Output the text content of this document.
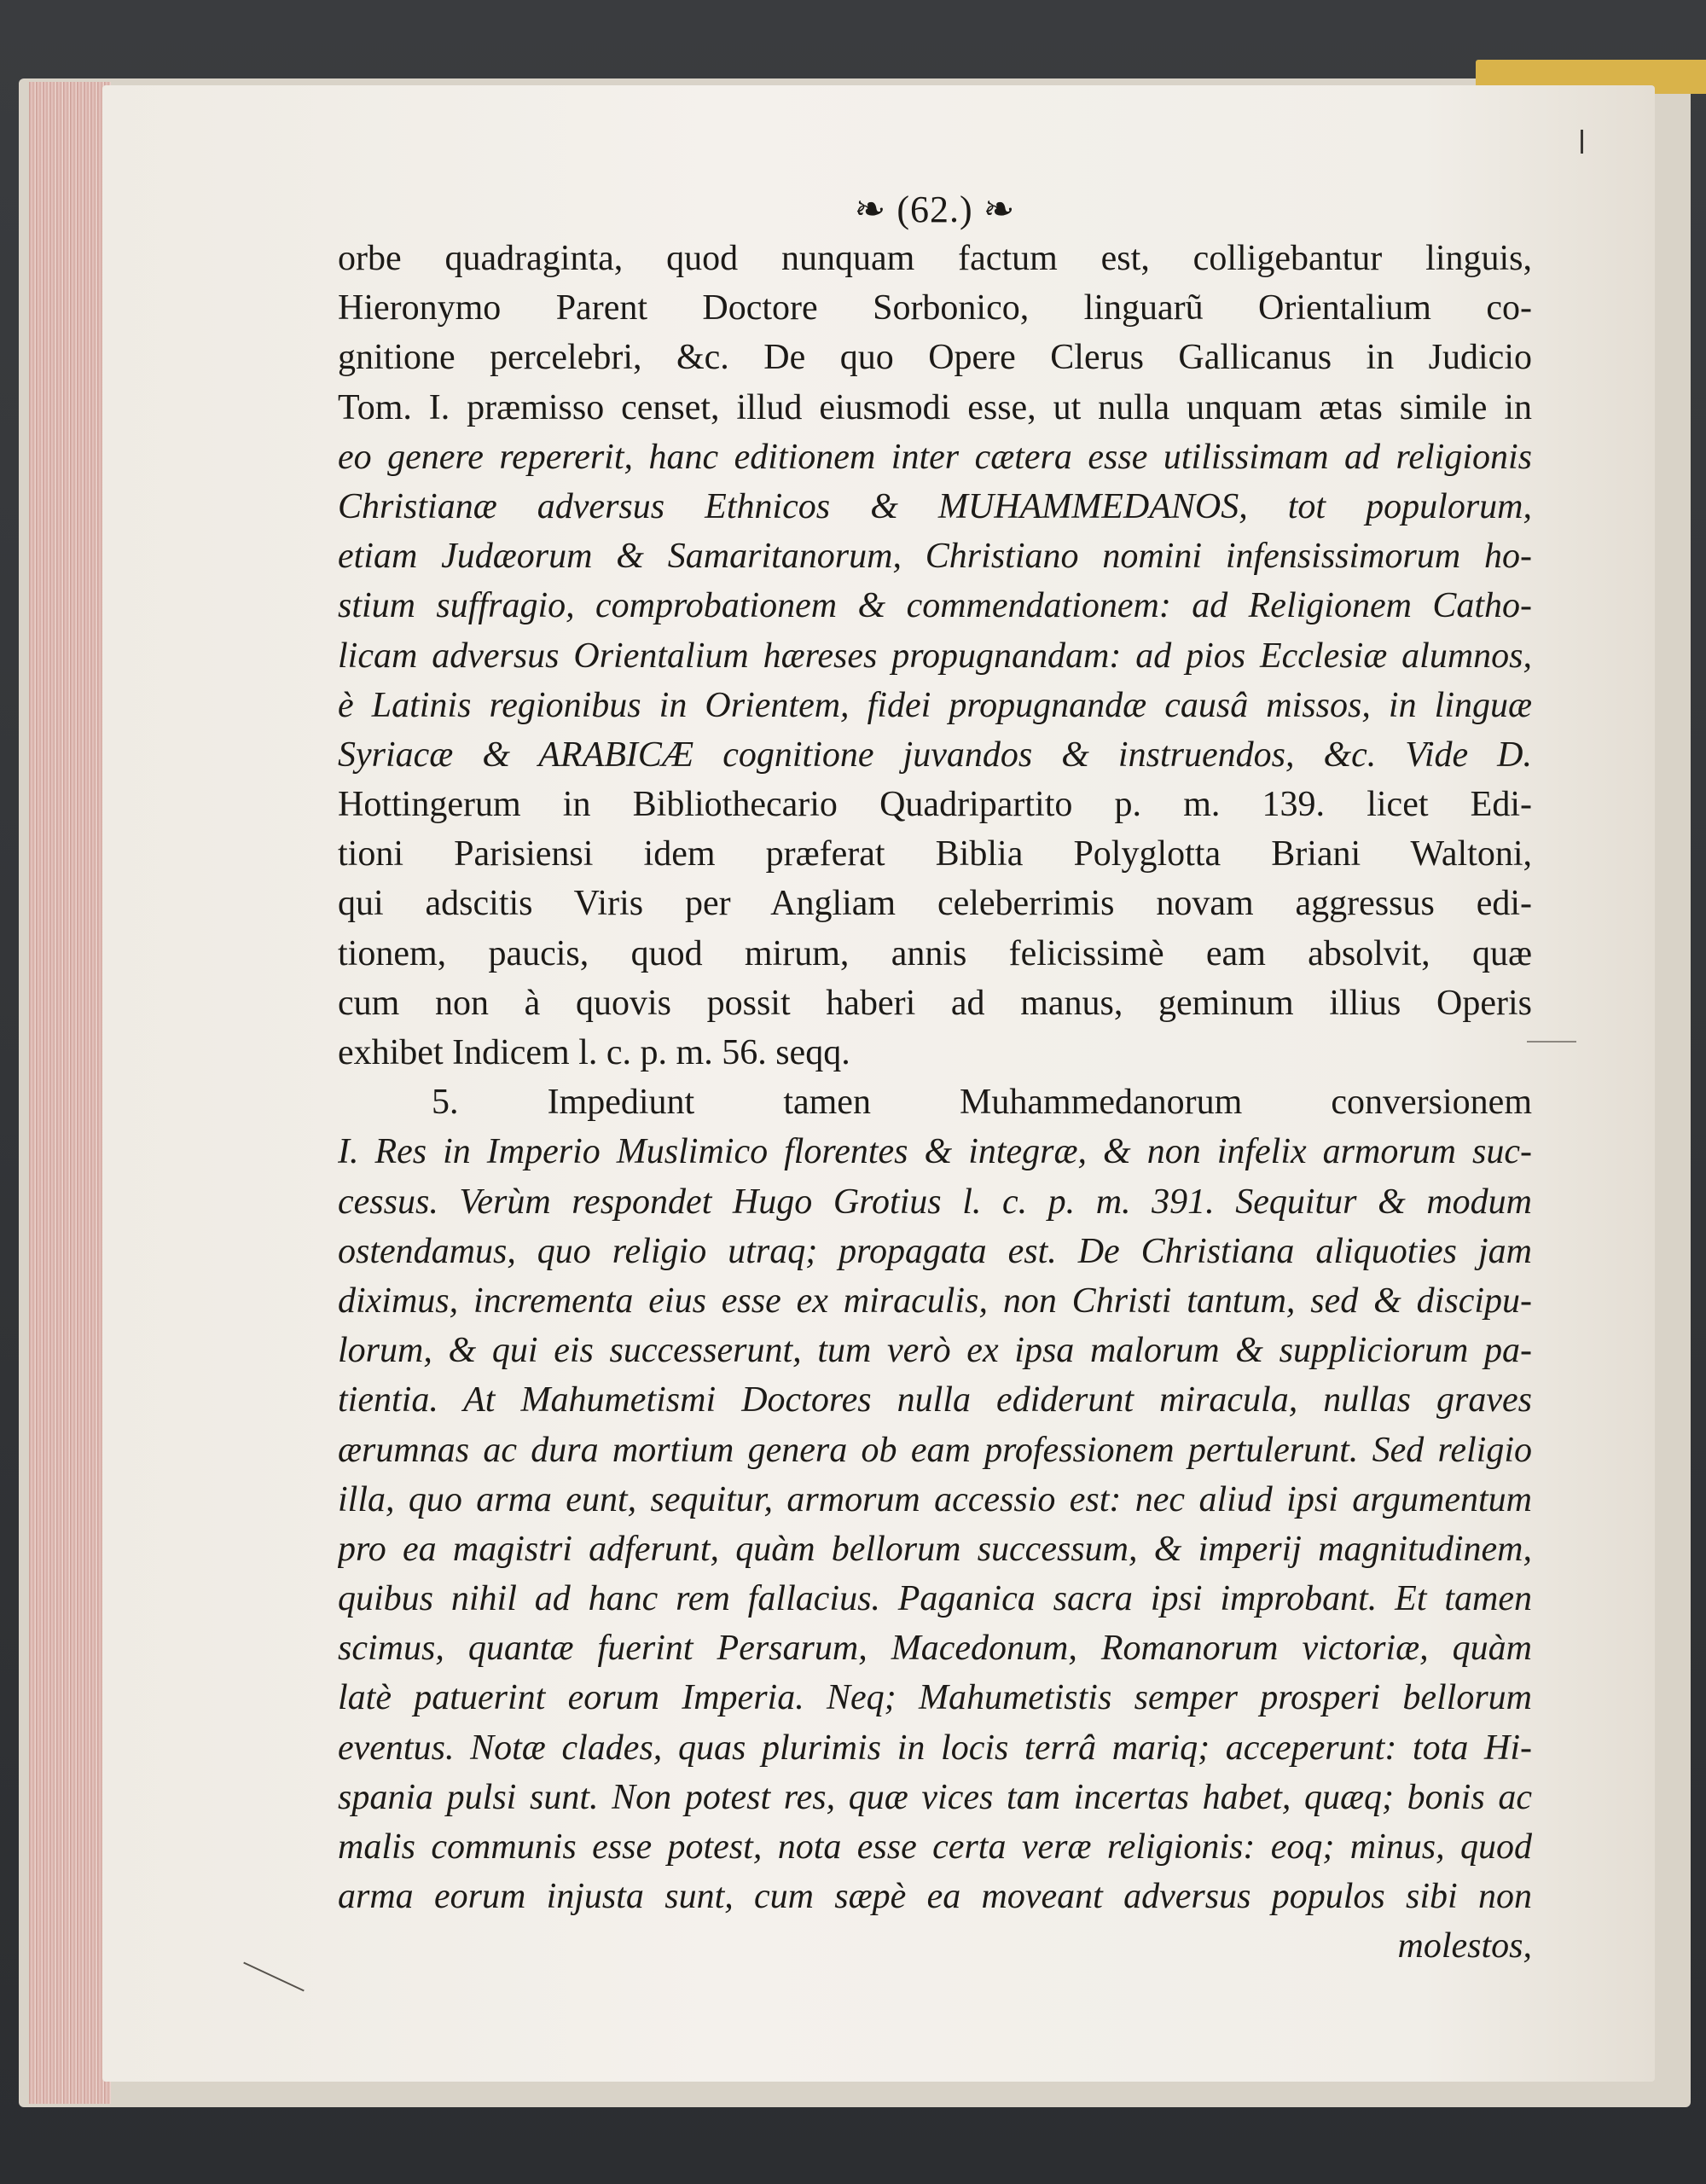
❧ (62.) ❧
orbe quadraginta, quod nunquam factum est, colligebantur linguis,
Hieronymo Parent Doctore Sorbonico, linguarũ Orientalium co-
gnitione percelebri, &c. De quo Opere Clerus Gallicanus in Judicio
Tom. I. præmisso censet, illud eiusmodi esse, ut nulla unquam ætas simile in
eo genere repererit, hanc editionem inter cætera esse utilissimam ad religionis
Christianæ adversus Ethnicos & MUHAMMEDANOS, tot populorum,
etiam Judæorum & Samaritanorum, Christiano nomini infensissimorum ho-
stium suffragio, comprobationem & commendationem: ad Religionem Catho-
licam adversus Orientalium hæreses propugnandam: ad pios Ecclesiæ alumnos,
è Latinis regionibus in Orientem, fidei propugnandæ causâ missos, in linguæ
Syriacæ & ARABICÆ cognitione juvandos & instruendos, &c. Vide D.
Hottingerum in Bibliothecario Quadripartito p. m. 139. licet Edi-
tioni Parisiensi idem præferat Biblia Polyglotta Briani Waltoni,
qui adscitis Viris per Angliam celeberrimis novam aggressus edi-
tionem, paucis, quod mirum, annis felicissimè eam absolvit, quæ
cum non à quovis possit haberi ad manus, geminum illius Operis
exhibet Indicem l. c. p. m. 56. seqq.
5. Impediunt tamen Muhammedanorum conversionem
I. Res in Imperio Muslimico florentes & integræ, & non infelix armorum suc-
cessus. Verùm respondet Hugo Grotius l. c. p. m. 391. Sequitur & modum
ostendamus, quo religio utraq; propagata est. De Christiana aliquoties jam
diximus, incrementa eius esse ex miraculis, non Christi tantum, sed & discipu-
lorum, & qui eis successerunt, tum verò ex ipsa malorum & suppliciorum pa-
tientia. At Mahumetismi Doctores nulla ediderunt miracula, nullas graves
ærumnas ac dura mortium genera ob eam professionem pertulerunt. Sed religio
illa, quo arma eunt, sequitur, armorum accessio est: nec aliud ipsi argumentum
pro ea magistri adferunt, quàm bellorum successum, & imperij magnitudinem,
quibus nihil ad hanc rem fallacius. Paganica sacra ipsi improbant. Et tamen
scimus, quantæ fuerint Persarum, Macedonum, Romanorum victoriæ, quàm
latè patuerint eorum Imperia. Neq; Mahumetistis semper prosperi bellorum
eventus. Notæ clades, quas plurimis in locis terrâ mariq; acceperunt: tota Hi-
spania pulsi sunt. Non potest res, quæ vices tam incertas habet, quæq; bonis ac
malis communis esse potest, nota esse certa veræ religionis: eoq; minus, quod
arma eorum injusta sunt, cum sæpè ea moveant adversus populos sibi non
molestos,
